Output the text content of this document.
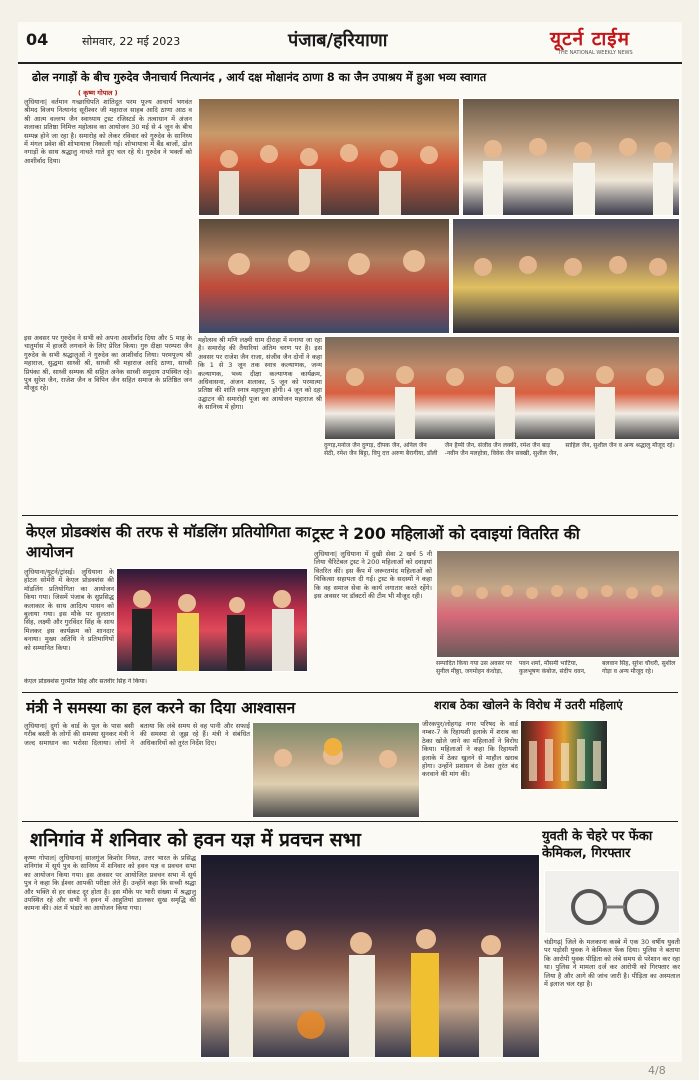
04	सोमवार, 22 मई 2023	पंजाब/हरियाणा	यूटर्न टाईम
THE NATIONAL WEEKLY NEWS
ढोल नगाड़ों के बीच गुरुदेव जैनाचार्य नित्यानंद , आर्य दक्ष मोक्षानंद ठाणा 8 का जैन उपाश्रय में हुआ भव्य स्वागत
( कृष्ण गोपाल )
लुधियाना| वर्तमान गच्छाधिपति शांतिदूत परम पूज्य आचार्य भगवंत श्रीमद विजय नित्यानंद सूरीश्वर जी महाराज साहब आदि ठाणा आठ व श्री आत्म वल्लभ जैन स्वाध्याय ट्रस्ट रजिस्टर्ड के तत्वाधान में अंजन शलाका प्रतिष्ठा निमित्त महोत्सव का आयोजन 30 मई से 4 जून के बीच सम्पन्न होने जा रहा है। समारोह को लेकर रविवार को गुरुदेव के सानिध्य में मंगल प्रवेश की शोभायात्रा निकाली गई। शोभायात्रा में बैंड बाजों, ढोल नगाड़ों के साथ श्रद्धालु नाचते गाते हुए चल रहे थे। गुरुदेव ने भक्तों को आशीर्वाद दिया।
इस अवसर पर गुरुदेव ने सभी को अपना आशीर्वाद दिया और 5 माह के चातुर्मास में हाजरी लगवाने के लिए प्रेरित किया। गुरु दीक्षा परम्परा जैन गुरुदेव के सभी श्रद्धालुओं ने गुरुदेव का आशीर्वाद लिया। परमपूज्य श्री महाराज, सुद्धमा साध्वी श्री, साध्वी श्री महाराज आदि ठाणा, साध्वी प्रियंका श्री, साध्वी सम्यक श्री सहित अनेक साध्वी समुदाय उपस्थित रहे। पुत्र सुरेश जैन, राजेश जैन व विपिन जैन सहित समाज के प्रतिष्ठित जन मौजूद रहे।
महोत्सव श्री मणि लक्ष्मी धाम दीराहा में मनाया जा रहा है। समारोह की तैयारियां अंतिम चरण पर है। इस अवसर पर राजेश जैन राजा, संजीव जैन दोनों ने कहा कि 1 से 3 जून तक स्नात्र कल्याणक, जन्म कल्याणक, भव्य दीक्षा कल्याणक कार्यक्रम, अधिवासना, अंजन शलाका, 5 जून को परमात्मा प्रतिष्ठा की शांति स्नात्र महापूजा होगी। 4 जून को दहा उद्घाटन की समारोही पूजा का आयोजन महाराज श्री के सानिध्य में होगा।
दुग्गड़,मनोज जैन दुग्गड़, दीपक जैन, अनिल जैन सेठी, रमेश जैन बिट्टा, विपु दत्त अरुण बैरागीया, डॉली जैन हैप्पी जैन, संजीव जैन लक्की, रमेश जैन बाड़ -नवीन जैन मलहोत्रा, विवेक जैन सक्खी, सुशील जैन, साहिल जैन, सुशील जैन व अन्य श्रद्धालु मौजूद रहे।
केएल प्रोडक्शंस की तरफ से मॉडलिंग प्रतियोगिता का आयोजन
लुधियाना/यूटर्न/ट्रांसई। लुधियाना के होटल सोमेरी में केएल प्रोडक्शंस की मॉडलिंग प्रतियोगिता का आयोजन किया गया। जिसमें पंजाब के सुप्रसिद्ध कलाकार के साथ आदित्य पासन को बुलाया गया। इस मौके पर सुलतान सिंह, लक्ष्मी और गुरविंदर सिंह के साथ मिलकर इस कार्यक्रम को शानदार बनाया। मुख्य अतिथि ने प्रतिभागियों को सम्मानित किया।
केएल प्रोडक्शंस गुरमीत सिंह और सतवीर सिंह ने किया।
ट्रस्ट ने 200 महिलाओं को दवाइयां वितरित की
लुधियाना| लुधियाना में दुखी सेवा 2 खर्च 5 नी लिया चैरिटेबल ट्रस्ट ने 200 महिलाओं को दवाइयां वितरित कीं। इस कैंप में जरूरतमंद महिलाओं को चिकित्सा सहायता दी गई। ट्रस्ट के सदस्यों ने कहा कि वह समाज सेवा के कार्य लगातार करते रहेंगे। इस अवसर पर डॉक्टरों की टीम भी मौजूद रही।
सम्पादित किया गया उस अवसर पर सुनील मीठ्ठा, जगमोहन कंधोड़ा, पवन शर्मा, मौसमी भाटिया, कुलभूषण कंबोज, संदीप धवन, बलवान सिंह, सुरेश चौधरी, सुशील गोड़ा व अन्य मौजूद रहे।
मंत्री ने समस्या का हल करने का दिया आश्वासन
लुधियाना| दुर्गा के वार्ड के पुल के पास बसी गरीब बस्ती के लोगों की समस्या सुनकर मंत्री ने जल्द समाधान का भरोसा दिलाया। लोगों ने बताया कि लंबे समय से वह पानी और सफाई की समस्या से जूझ रहे हैं। मंत्री ने संबंधित अधिकारियों को तुरंत निर्देश दिए।
शराब ठेका खोलने के विरोध में उतरी महिलाएं
जीरकपुर/लोहगढ़ नगर परिषद के वार्ड नम्बर-7 के रिहायशी इलाके में शराब का ठेका खोले जाने का महिलाओं ने विरोध किया। महिलाओं ने कहा कि रिहायशी इलाके में ठेका खुलने से माहौल खराब होगा। उन्होंने प्रशासन से ठेका तुरंत बंद करवाने की मांग की।
शनिगांव में शनिवार को हवन यज्ञ में प्रवचन सभा
कृष्ण गोपाल| लुधियाना| सालगुंज किशोर नियत, उत्तर भारत के प्रसिद्ध शनिगांव में सूर्य पुत्र के सानिध्य में शनिवार को हवन यज्ञ व प्रवचन सभा का आयोजन किया गया। इस अवसर पर आयोजित प्रवचन सभा में सूर्य पुत्र ने कहा कि ईश्वर आपकी परीक्षा लेते हैं। उन्होंने कहा कि सच्ची श्रद्धा और भक्ति से हर संकट दूर होता है। इस मौके पर भारी संख्या में श्रद्धालु उपस्थित रहे और सभी ने हवन में आहुतियां डालकर सुख समृद्धि की कामना की। अंत में भंडारे का आयोजन किया गया।
युवती के चेहरे पर फेंका केमिकल, गिरफ्तार
चंडीगढ़| जिले के मलकाना कस्बे में एक 30 वर्षीय युवती पर पड़ोसी युवक ने केमिकल फेंक दिया। पुलिस ने बताया कि आरोपी युवक पीड़िता को लंबे समय से परेशान कर रहा था। पुलिस ने मामला दर्ज कर आरोपी को गिरफ्तार कर लिया है और आगे की जांच जारी है। पीड़िता का अस्पताल में इलाज चल रहा है।
4/8
